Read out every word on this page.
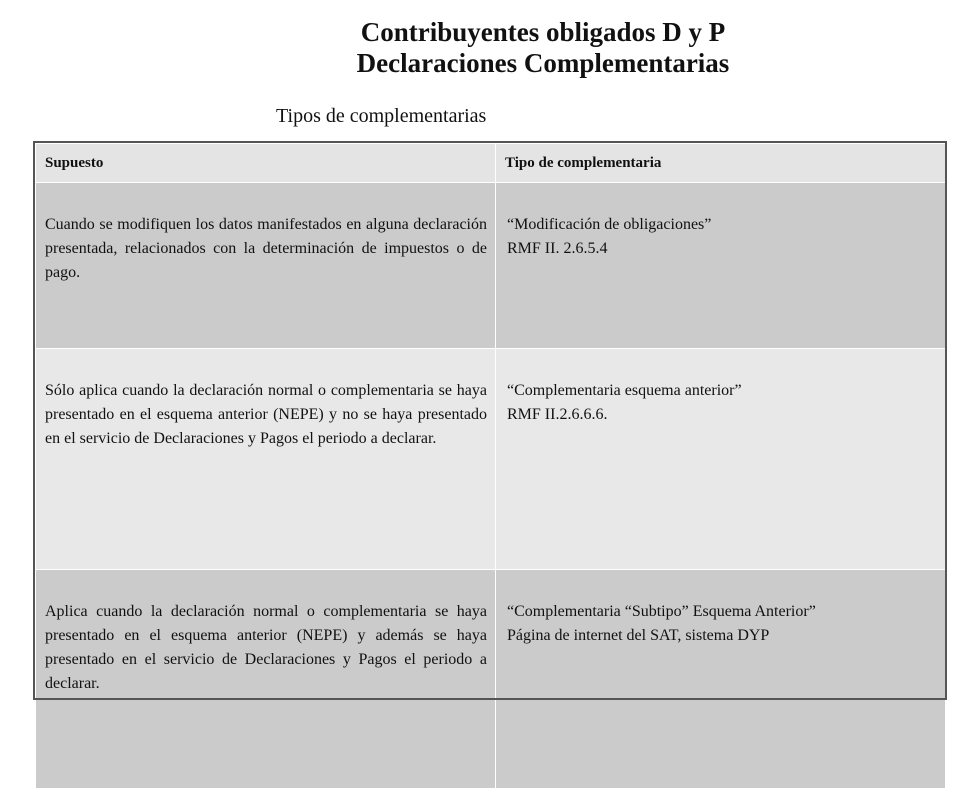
Contribuyentes obligados D y P
Declaraciones Complementarias
Tipos de complementarias
Supuesto	Tipo de complementaria
Cuando se modifiquen los datos manifestados en alguna declaración presentada, relacionados con la determinación de impuestos o de pago.	“Modificación de obligaciones”
RMF II. 2.6.5.4

Sólo aplica cuando la declaración normal o complementaria se haya presentado en el esquema anterior (NEPE) y no se haya presentado en el servicio de Declaraciones y Pagos el periodo a declarar.	“Complementaria esquema anterior”
RMF II.2.6.6.6.

Aplica cuando la declaración normal o complementaria se haya presentado en el esquema anterior (NEPE) y además se haya presentado en el servicio de Declaraciones y Pagos el periodo a declarar.	“Complementaria “Subtipo” Esquema Anterior”
Página de internet del SAT, sistema DYP
